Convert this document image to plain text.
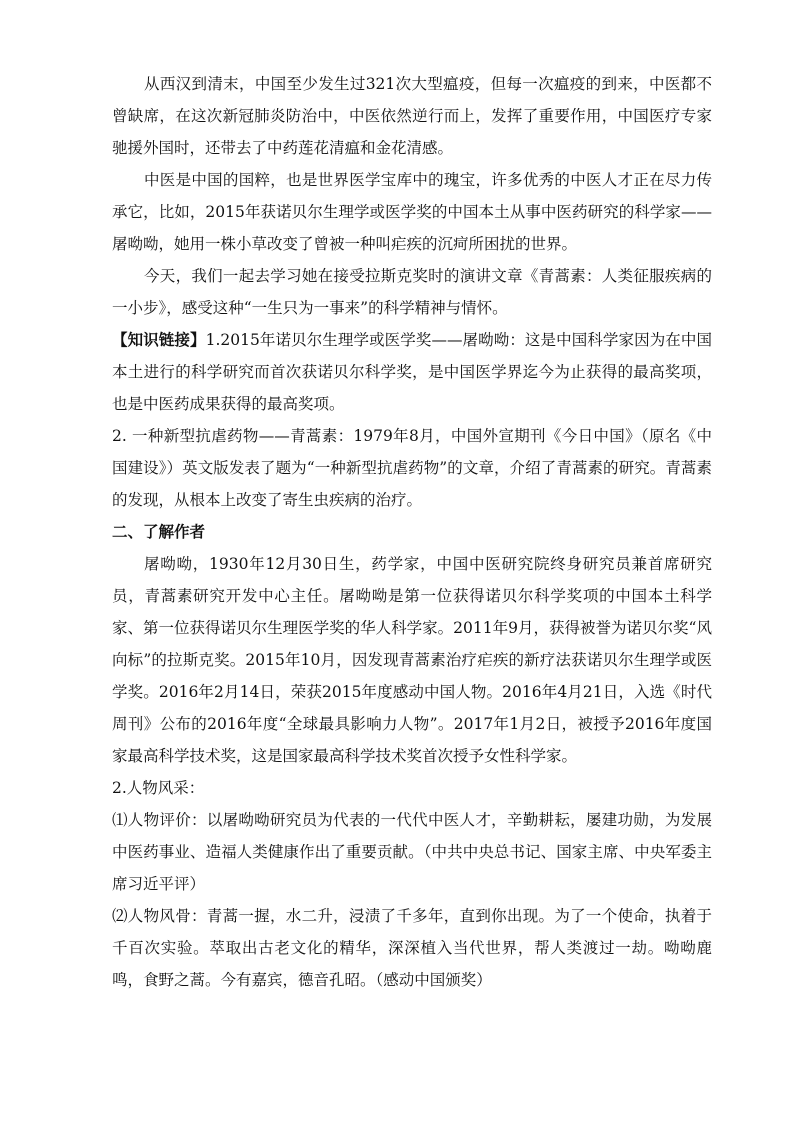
从西汉到清末，中国至少发生过321次大型瘟疫，但每一次瘟疫的到来，中医都不曾缺席，在这次新冠肺炎防治中，中医依然逆行而上，发挥了重要作用，中国医疗专家驰援外国时，还带去了中药莲花清瘟和金花清感。

中医是中国的国粹，也是世界医学宝库中的瑰宝，许多优秀的中医人才正在尽力传承它，比如，2015年获诺贝尔生理学或医学奖的中国本土从事中医药研究的科学家——屠呦呦，她用一株小草改变了曾被一种叫疟疾的沉疴所困扰的世界。

今天，我们一起去学习她在接受拉斯克奖时的演讲文章《青蒿素：人类征服疾病的一小步》，感受这种“一生只为一事来”的科学精神与情怀。

【知识链接】1.2015年诺贝尔生理学或医学奖——屠呦呦：这是中国科学家因为在中国本土进行的科学研究而首次获诺贝尔科学奖，是中国医学界迄今为止获得的最高奖项，也是中医药成果获得的最高奖项。

2. 一种新型抗虐药物——青蒿素：1979年8月，中国外宣期刊《今日中国》（原名《中国建设》）英文版发表了题为“一种新型抗虐药物”的文章，介绍了青蒿素的研究。青蒿素的发现，从根本上改变了寄生虫疾病的治疗。

二、了解作者

屠呦呦，1930年12月30日生，药学家，中国中医研究院终身研究员兼首席研究员，青蒿素研究开发中心主任。屠呦呦是第一位获得诺贝尔科学奖项的中国本土科学家、第一位获得诺贝尔生理医学奖的华人科学家。2011年9月，获得被誉为诺贝尔奖“风向标”的拉斯克奖。2015年10月，因发现青蒿素治疗疟疾的新疗法获诺贝尔生理学或医学奖。2016年2月14日，荣获2015年度感动中国人物。2016年4月21日，入选《时代周刊》公布的2016年度“全球最具影响力人物”。2017年1月2日，被授予2016年度国家最高科学技术奖，这是国家最高科学技术奖首次授予女性科学家。

2.人物风采：

⑴人物评价：以屠呦呦研究员为代表的一代代中医人才，辛勤耕耘，屡建功勋，为发展中医药事业、造福人类健康作出了重要贡献。（中共中央总书记、国家主席、中央军委主席习近平评）

⑵人物风骨：青蒿一握，水二升，浸渍了千多年，直到你出现。为了一个使命，执着于千百次实验。萃取出古老文化的精华，深深植入当代世界，帮人类渡过一劫。呦呦鹿鸣，食野之蒿。今有嘉宾，德音孔昭。（感动中国颁奖）
